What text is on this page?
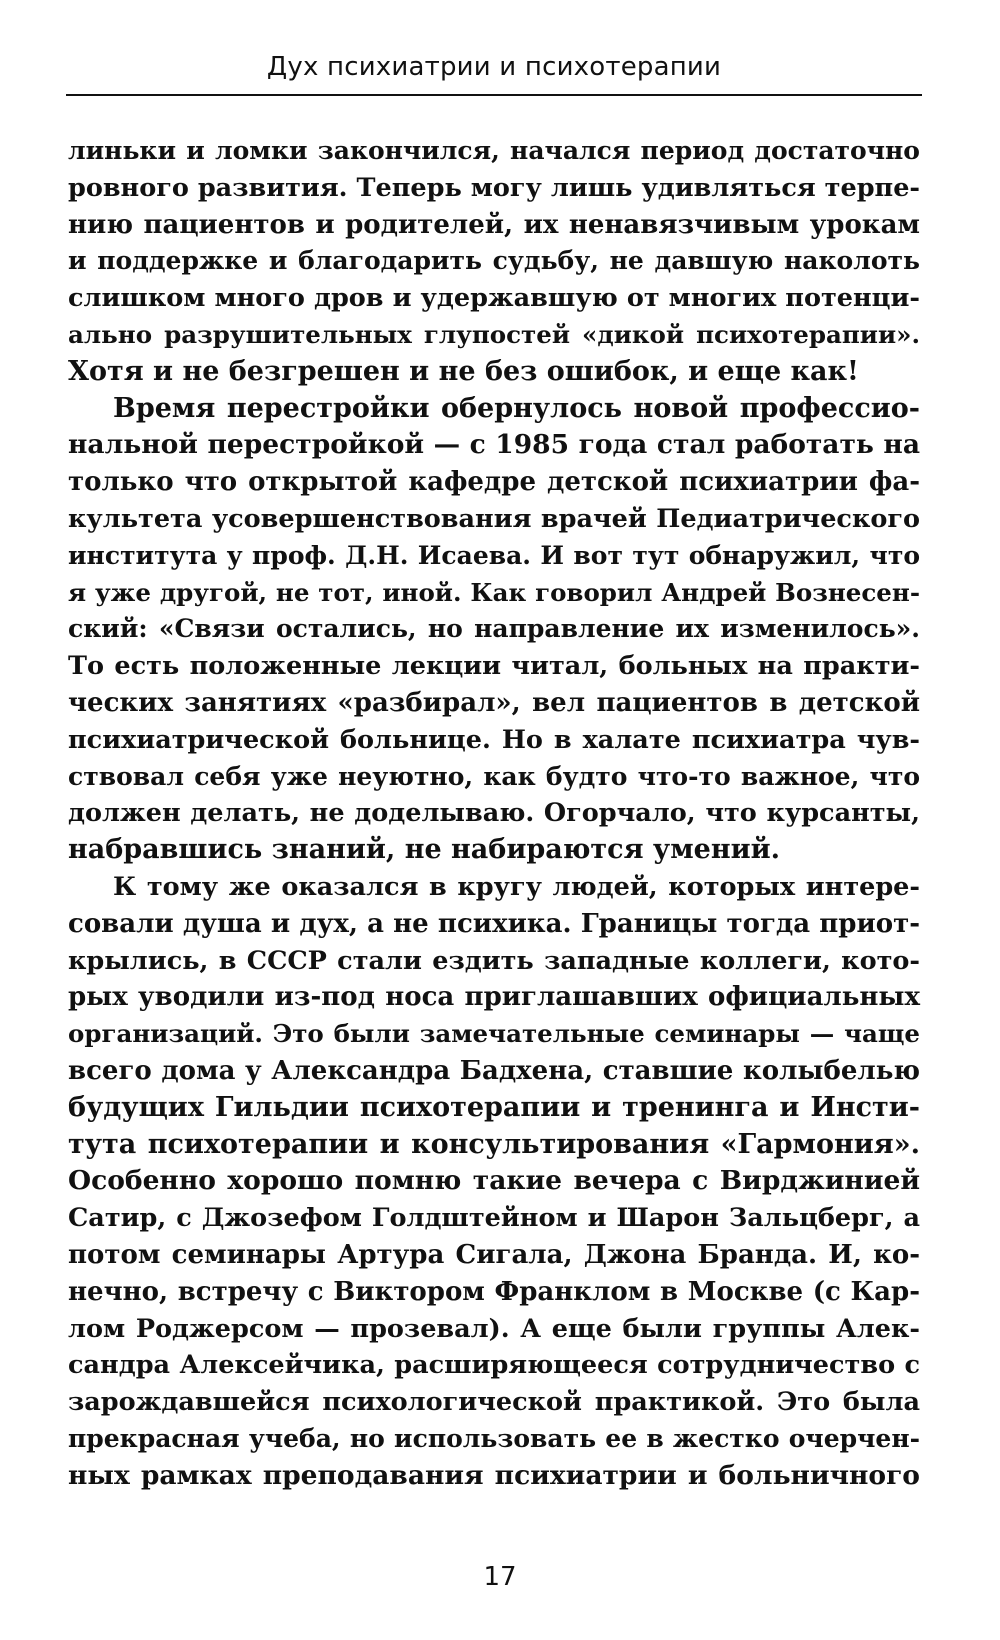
Дух психиатрии и психотерапии
линьки и ломки закончился, начался период достаточно
ровного развития. Теперь могу лишь удивляться терпе-
нию пациентов и родителей, их ненавязчивым урокам
и поддержке и благодарить судьбу, не давшую наколоть
слишком много дров и удержавшую от многих потенци-
ально разрушительных глупостей «дикой психотерапии».
Хотя и не безгрешен и не без ошибок, и еще как!
Время перестройки обернулось новой профессио-
нальной перестройкой — с 1985 года стал работать на
только что открытой кафедре детской психиатрии фа-
культета усовершенствования врачей Педиатрического
института у проф. Д.Н. Исаева. И вот тут обнаружил, что
я уже другой, не тот, иной. Как говорил Андрей Вознесен-
ский: «Связи остались, но направление их изменилось».
То есть положенные лекции читал, больных на практи-
ческих занятиях «разбирал», вел пациентов в детской
психиатрической больнице. Но в халате психиатра чув-
ствовал себя уже неуютно, как будто что-то важное, что
должен делать, не доделываю. Огорчало, что курсанты,
набравшись знаний, не набираются умений.
К тому же оказался в кругу людей, которых интере-
совали душа и дух, а не психика. Границы тогда приот-
крылись, в СССР стали ездить западные коллеги, кото-
рых уводили из-под носа приглашавших официальных
организаций. Это были замечательные семинары — чаще
всего дома у Александра Бадхена, ставшие колыбелью
будущих Гильдии психотерапии и тренинга и Инсти-
тута психотерапии и консультирования «Гармония».
Особенно хорошо помню такие вечера с Вирджинией
Сатир, с Джозефом Голдштейном и Шарон Зальцберг, а
потом семинары Артура Сигала, Джона Бранда. И, ко-
нечно, встречу с Виктором Франклом в Москве (с Кар-
лом Роджерсом — прозевал). А еще были группы Алек-
сандра Алексейчика, расширяющееся сотрудничество с
зарождавшейся психологической практикой. Это была
прекрасная учеба, но использовать ее в жестко очерчен-
ных рамках преподавания психиатрии и больничного
17
